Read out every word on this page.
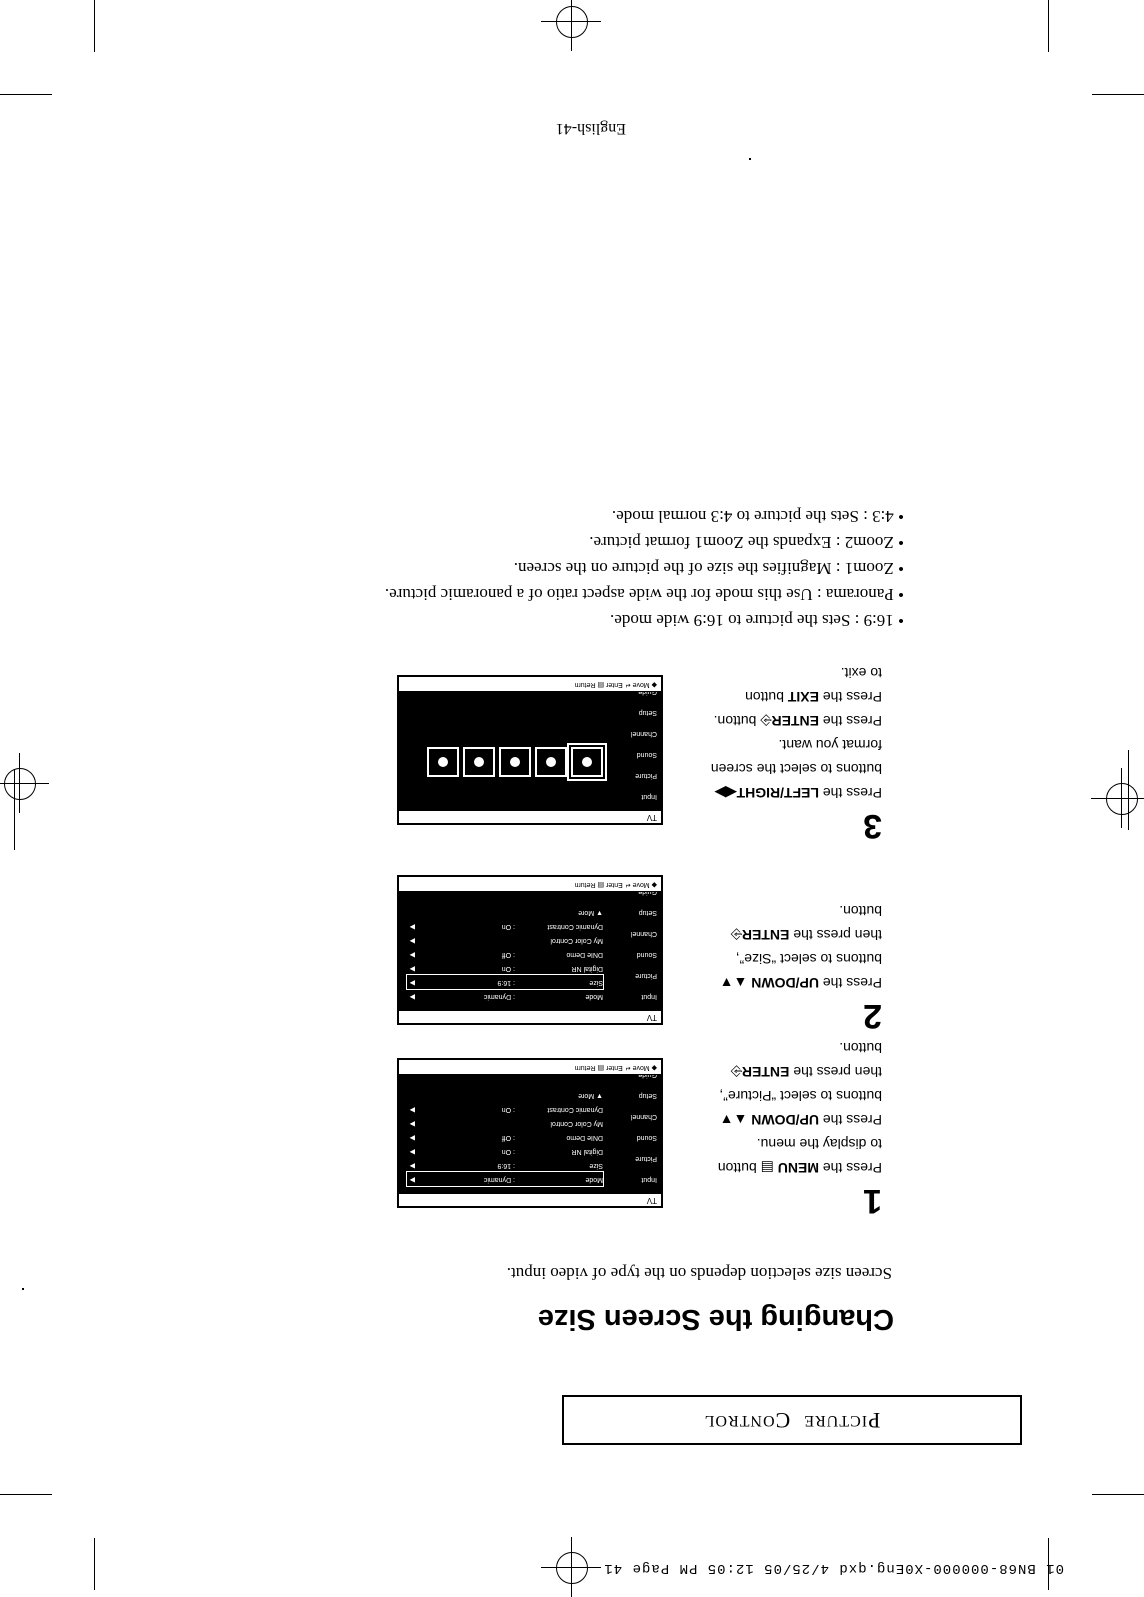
01 BN68-000000-X0Eng.qxd 4/25/05 12:05 PM Page 41
P
ICTURE

C
ONTROL
Changing the Screen Size
Screen size selection depends on the type of video input.
1

Press the MENU ▤ button

to display the menu.

Press the UP/DOWN ▲▼

buttons to select “Picture”,

then press the ENTER⎆

button.

TV
Input
Picture
Sound
Channel
Setup
Mode
: Dynamic
▶
Size
: 16:9
▶
Digital NR
: On
▶
DNIe Demo
: Off
▶
My Color Control
▶
Dynamic Contrast
: On
▶
▼ More
◆ Move ↵ Enter ▤ Return
2

Press the UP/DOWN ▲▼

buttons to select “Size”,

then press the ENTER⎆

button.

TV
Input
Picture
Sound
Channel
Setup
Mode
: Dynamic
▶
Size
: 16:9
▶
Digital NR
: On
▶
DNIe Demo
: Off
▶
My Color Control
▶
Dynamic Contrast
: On
▶
▼ More
◆ Move ↵ Enter ▤ Return
3

Press the LEFT/RIGHT◀▶

buttons to select the screen

format you want.

Press the ENTER⎆ button.

Press the EXIT button

to exit.

TV
Input
Picture
Sound
Channel
Setup
◆ Move ↵ Enter ▤ Return
• 16:9 : Sets the picture to 16:9 wide mode.
• Panorama : Use this mode for the wide aspect ratio of a panoramic picture.
• Zoom1 : Magnifies the size of the picture on the screen.
• Zoom2 : Expands the Zoom1 format picture.
• 4:3 : Sets the picture to 4:3 normal mode.
English-41
